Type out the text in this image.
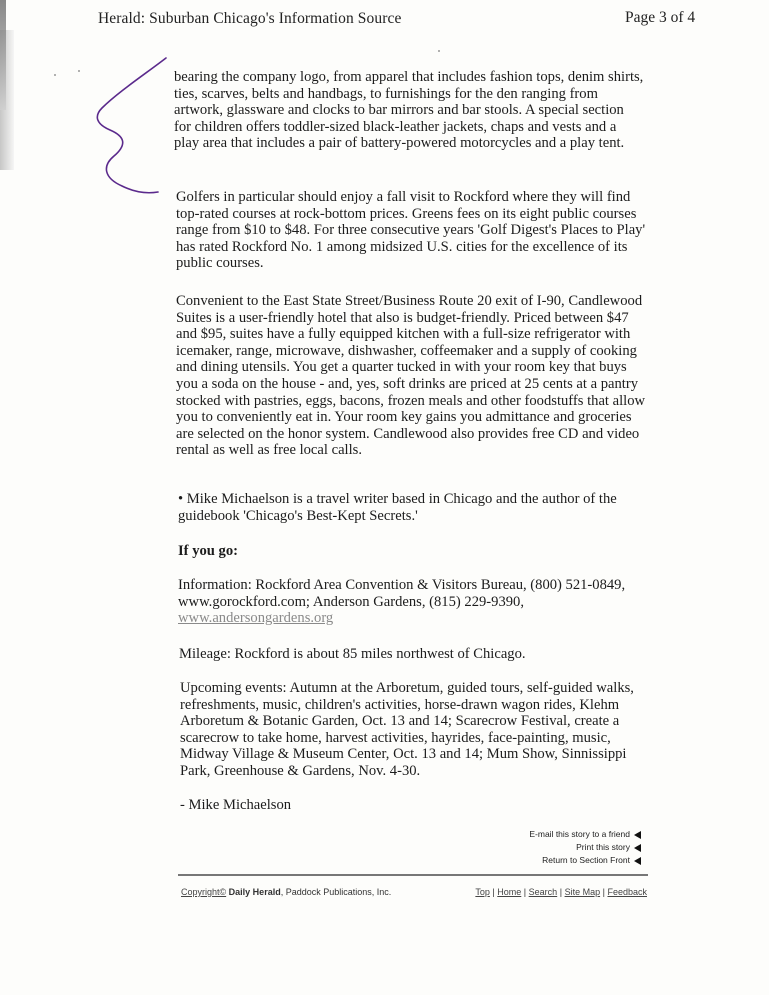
Herald: Suburban Chicago's Information Source	Page 3 of 4

bearing the company logo, from apparel that includes fashion tops, denim shirts, ties, scarves, belts and handbags, to furnishings for the den ranging from artwork, glassware and clocks to bar mirrors and bar stools. A special section for children offers toddler-sized black-leather jackets, chaps and vests and a play area that includes a pair of battery-powered motorcycles and a play tent.

Golfers in particular should enjoy a fall visit to Rockford where they will find top-rated courses at rock-bottom prices. Greens fees on its eight public courses range from $10 to $48. For three consecutive years 'Golf Digest's Places to Play' has rated Rockford No. 1 among midsized U.S. cities for the excellence of its public courses.

Convenient to the East State Street/Business Route 20 exit of I-90, Candlewood Suites is a user-friendly hotel that also is budget-friendly. Priced between $47 and $95, suites have a fully equipped kitchen with a full-size refrigerator with icemaker, range, microwave, dishwasher, coffeemaker and a supply of cooking and dining utensils. You get a quarter tucked in with your room key that buys you a soda on the house - and, yes, soft drinks are priced at 25 cents at a pantry stocked with pastries, eggs, bacons, frozen meals and other foodstuffs that allow you to conveniently eat in. Your room key gains you admittance and groceries are selected on the honor system. Candlewood also provides free CD and video rental as well as free local calls.

• Mike Michaelson is a travel writer based in Chicago and the author of the guidebook 'Chicago's Best-Kept Secrets.'

If you go:
Information: Rockford Area Convention & Visitors Bureau, (800) 521-0849, www.gorockford.com; Anderson Gardens, (815) 229-9390,
www.andersongardens.org
Mileage: Rockford is about 85 miles northwest of Chicago.

Upcoming events: Autumn at the Arboretum, guided tours, self-guided walks, refreshments, music, children's activities, horse-drawn wagon rides, Klehm Arboretum & Botanic Garden, Oct. 13 and 14; Scarecrow Festival, create a scarecrow to take home, harvest activities, hayrides, face-painting, music, Midway Village & Museum Center, Oct. 13 and 14; Mum Show, Sinnissippi Park, Greenhouse & Gardens, Nov. 4-30.

- Mike Michaelson
E-mail this story to a friend
Print this story
Return to Section Front
Copyright© Daily Herald, Paddock Publications, Inc.	Top | Home | Search | Site Map | Feedback
